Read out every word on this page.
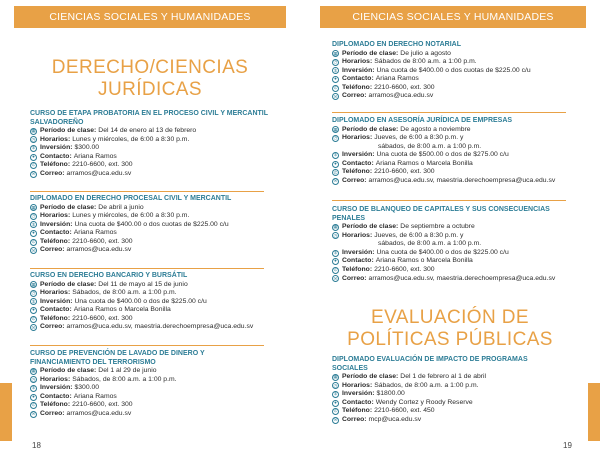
CIENCIAS SOCIALES Y HUMANIDADES
DERECHO/CIENCIAS
JURÍDICAS
CURSO DE ETAPA PROBATORIA EN EL PROCESO CIVIL Y MERCANTIL
SALVADOREÑO
▦ Período de clase: Del 14 de enero al 13 de febrero
◷ Horarios: Lunes y miércoles, de 6:00 a 8:30 p.m.
$ Inversión: $300.00
● Contacto: Ariana Ramos
✆ Teléfono: 2210-6600, ext. 300
✉ Correo: arramos@uca.edu.sv
DIPLOMADO EN DERECHO PROCESAL CIVIL Y MERCANTIL
▦ Período de clase: De abril a junio
◷ Horarios: Lunes y miércoles, de 6:00 a 8:30 p.m.
$ Inversión: Una cuota de $400.00 o dos cuotas de $225.00 c/u
● Contacto: Ariana Ramos
✆ Teléfono: 2210-6600, ext. 300
✉ Correo: arramos@uca.edu.sv
CURSO EN DERECHO BANCARIO Y BURSÁTIL
▦ Período de clase: Del 11 de mayo al 15 de junio
◷ Horarios: Sábados, de 8:00 a.m. a 1:00 p.m.
$ Inversión: Una cuota de $400.00 o dos de $225.00 c/u
● Contacto: Ariana Ramos o Marcela Bonilla
✆ Teléfono: 2210-6600, ext. 300
✉ Correo: arramos@uca.edu.sv, maestria.derechoempresa@uca.edu.sv
CURSO DE PREVENCIÓN DE LAVADO DE DINERO Y
FINANCIAMIENTO DEL TERRORISMO
▦ Período de clase: Del 1 al 29 de junio
◷ Horarios: Sábados, de 8:00 a.m. a 1:00 p.m.
$ Inversión: $300.00
● Contacto: Ariana Ramos
✆ Teléfono: 2210-6600, ext. 300
✉ Correo: arramos@uca.edu.sv
18
CIENCIAS SOCIALES Y HUMANIDADES
DIPLOMADO EN DERECHO NOTARIAL
▦ Período de clase: De julio a agosto
◷ Horarios: Sábados de 8:00 a.m. a 1:00 p.m.
$ Inversión: Una cuota de $400.00 o dos cuotas de $225.00 c/u
● Contacto: Ariana Ramos
✆ Teléfono: 2210-6600, ext. 300
✉ Correo: arramos@uca.edu.sv
DIPLOMADO EN ASESORÍA JURÍDICA DE EMPRESAS
▦ Período de clase: De agosto a noviembre
◷ Horarios: Jueves, de 6:00 a 8:30 p.m. y
sábados, de 8:00 a.m. a 1:00 p.m.
$ Inversión: Una cuota de $500.00 o dos de $275.00 c/u
● Contacto: Ariana Ramos o Marcela Bonilla
✆ Teléfono: 2210-6600, ext. 300
✉ Correo: arramos@uca.edu.sv, maestria.derechoempresa@uca.edu.sv
CURSO DE BLANQUEO DE CAPITALES Y SUS CONSECUENCIAS
PENALES
▦ Período de clase: De septiembre a octubre
◷ Horarios: Jueves, de 6:00 a 8:30 p.m. y
sábados, de 8:00 a.m. a 1:00 p.m.
$ Inversión: Una cuota de $400.00 o dos de $225.00 c/u
● Contacto: Ariana Ramos o Marcela Bonilla
✆ Teléfono: 2210-6600, ext. 300
✉ Correo: arramos@uca.edu.sv, maestria.derechoempresa@uca.edu.sv
EVALUACIÓN DE
POLÍTICAS PÚBLICAS
DIPLOMADO EVALUACIÓN DE IMPACTO DE PROGRAMAS
SOCIALES
▦ Período de clase: Del 1 de febrero al 1 de abril
◷ Horarios: Sábados, de 8:00 a.m. a 1:00 p.m.
$ Inversión: $1800.00
● Contacto: Wendy Cortez y Roody Reserve
✆ Teléfono: 2210-6600, ext. 450
✉ Correo: mcp@uca.edu.sv
19
